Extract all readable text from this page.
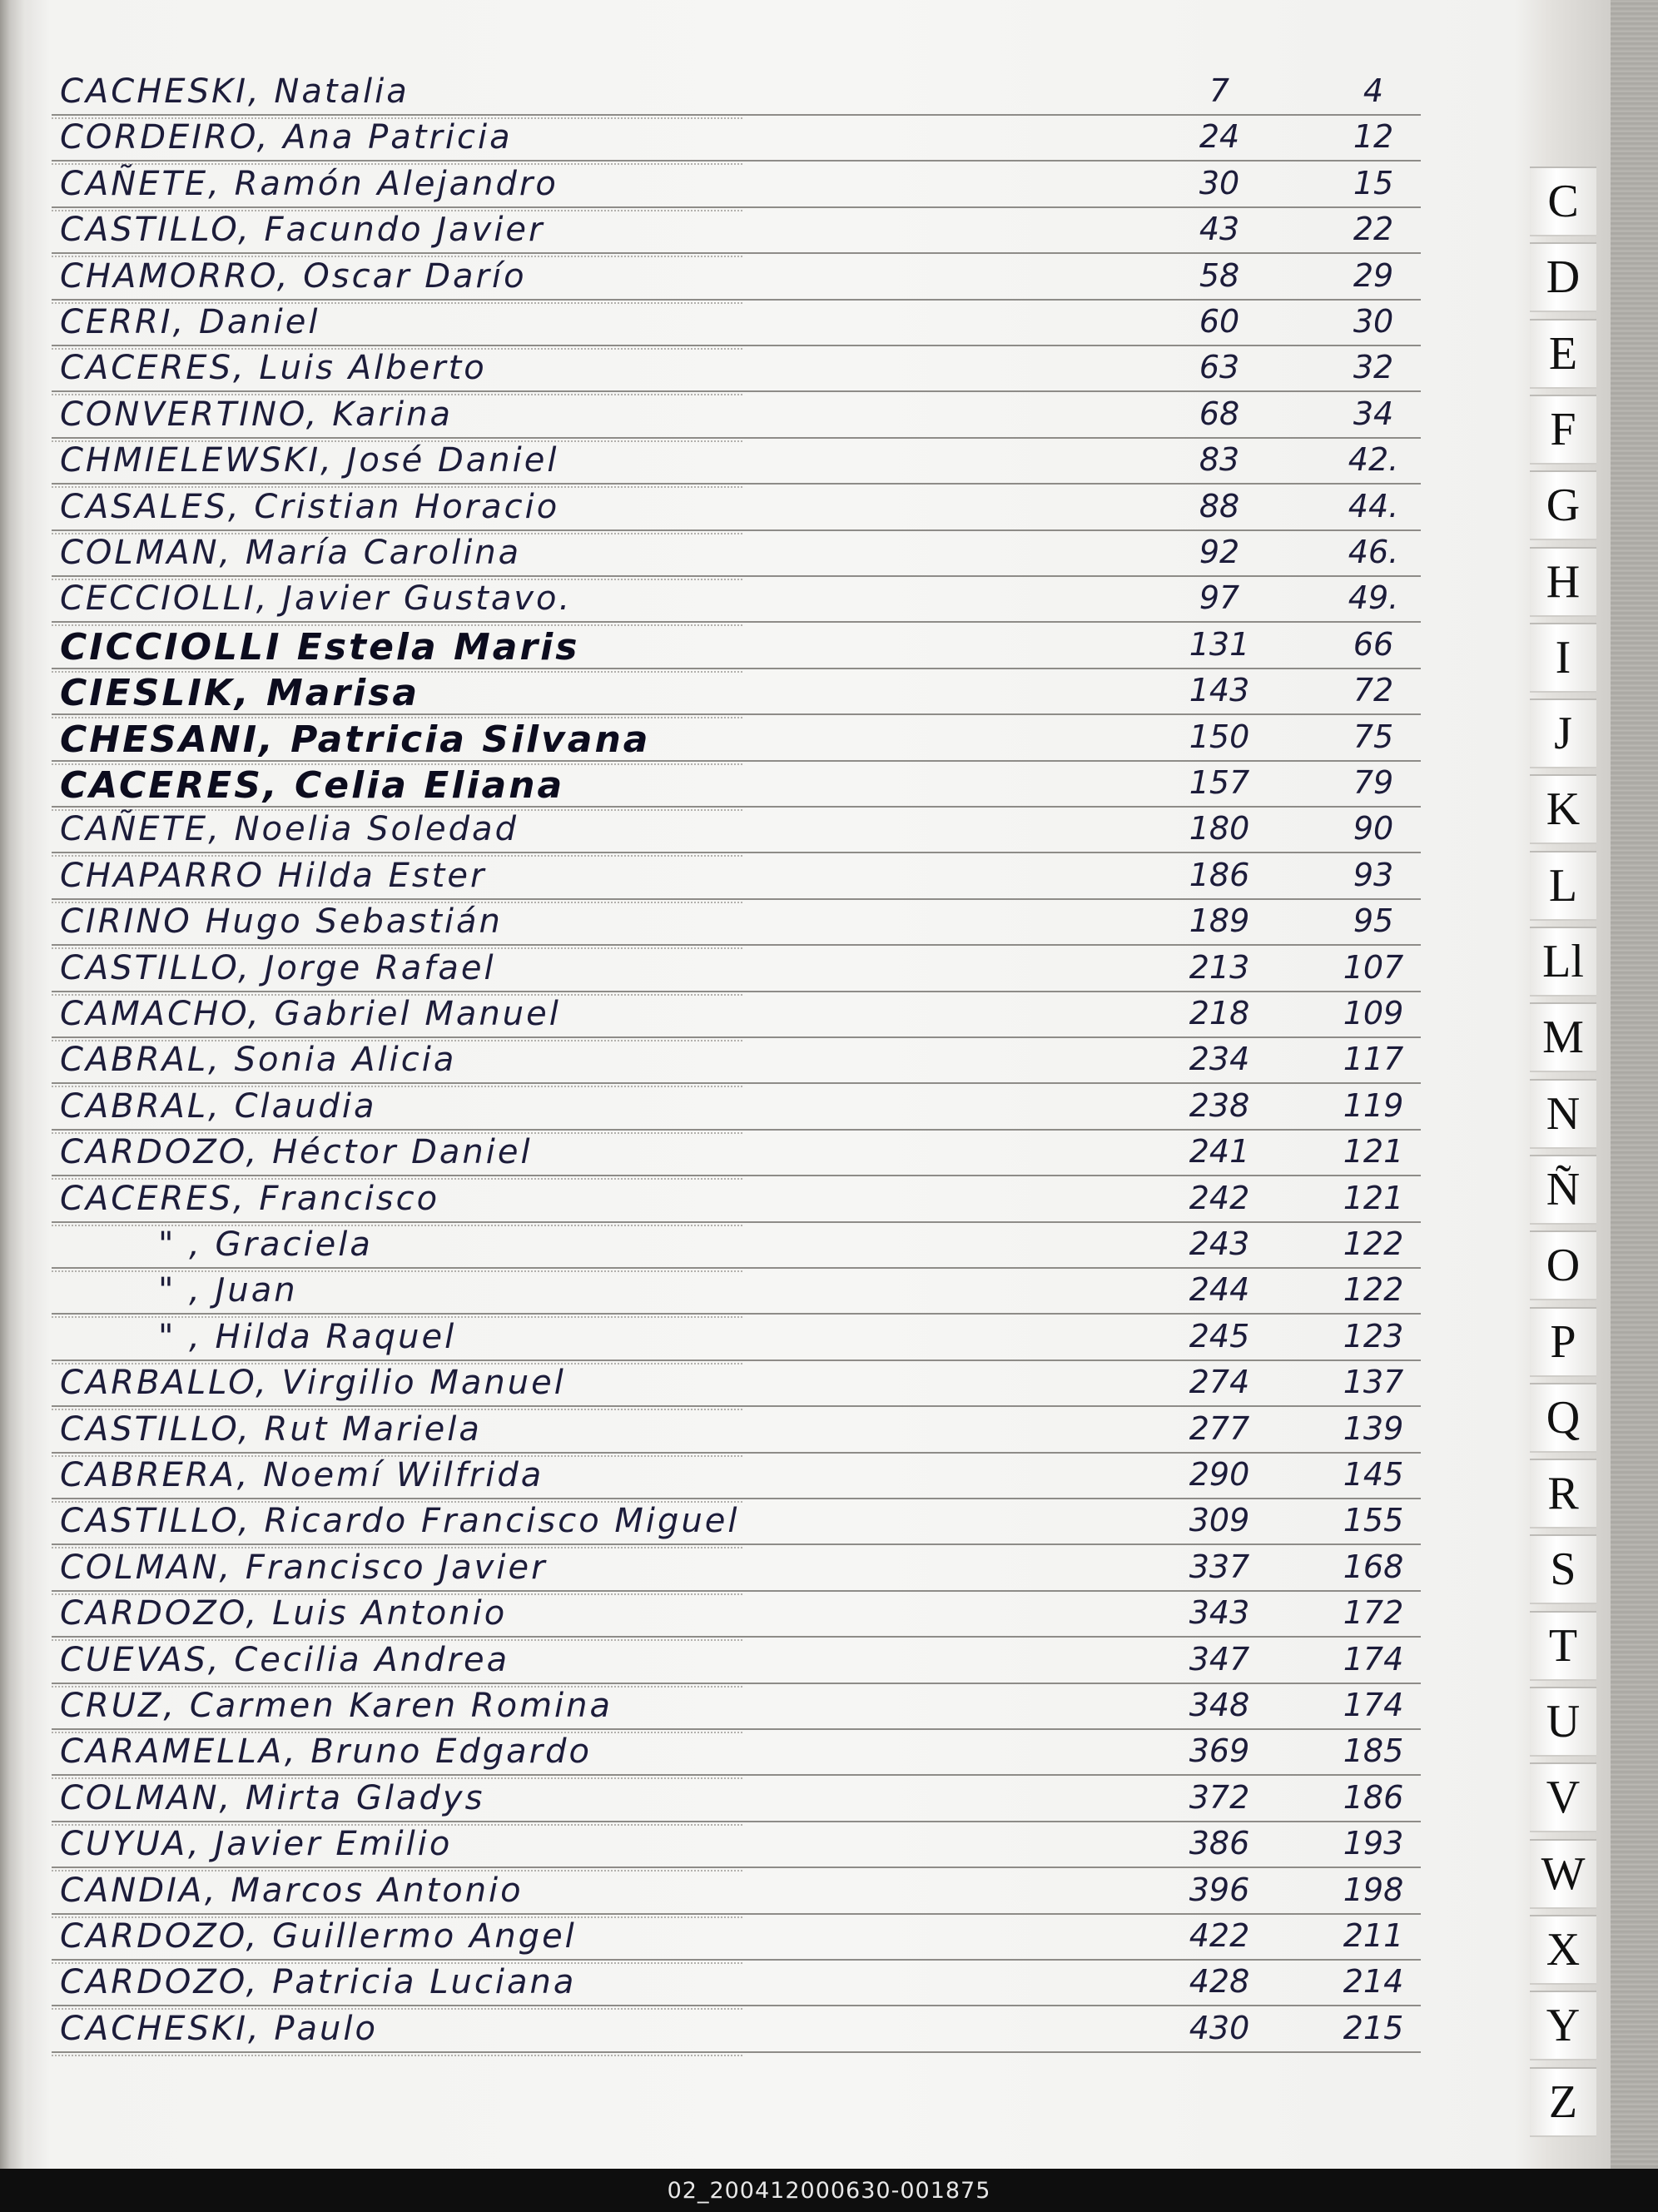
CACHESKI, Natalia	7	4
CORDEIRO, Ana Patricia	24	12
CAÑETE, Ramón Alejandro	30	15
CASTILLO, Facundo Javier	43	22
CHAMORRO, Oscar Darío	58	29
CERRI, Daniel	60	30
CACERES, Luis Alberto	63	32
CONVERTINO, Karina	68	34
CHMIELEWSKI, José Daniel	83	42.
CASALES, Cristian Horacio	88	44.
COLMAN, María Carolina	92	46.
CECCIOLLI, Javier Gustavo.	97	49.
CICCIOLLI Estela Maris	131	66
CIESLIK, Marisa	143	72
CHESANI, Patricia Silvana	150	75
CACERES, Celia Eliana	157	79
CAÑETE, Noelia Soledad	180	90
CHAPARRO Hilda Ester	186	93
CIRINO Hugo Sebastián	189	95
CASTILLO, Jorge Rafael	213	107
CAMACHO, Gabriel Manuel	218	109
CABRAL, Sonia Alicia	234	117
CABRAL, Claudia	238	119
CARDOZO, Héctor Daniel	241	121
CACERES, Francisco	242	121
" , Graciela	243	122
" , Juan	244	122
" , Hilda Raquel	245	123
CARBALLO, Virgilio Manuel	274	137
CASTILLO, Rut Mariela	277	139
CABRERA, Noemí Wilfrida	290	145
CASTILLO, Ricardo Francisco Miguel	309	155
COLMAN, Francisco Javier	337	168
CARDOZO, Luis Antonio	343	172
CUEVAS, Cecilia Andrea	347	174
CRUZ, Carmen Karen Romina	348	174
CARAMELLA, Bruno Edgardo	369	185
COLMAN, Mirta Gladys	372	186
CUYUA, Javier Emilio	386	193
CANDIA, Marcos Antonio	396	198
CARDOZO, Guillermo Angel	422	211
CARDOZO, Patricia Luciana	428	214
CACHESKI, Paulo	430	215
C
D
E
F
G
H
I
J
K
L
Ll
M
N
Ñ
O
P
Q
R
S
T
U
V
W
X
Y
Z
02_200412000630-001875
